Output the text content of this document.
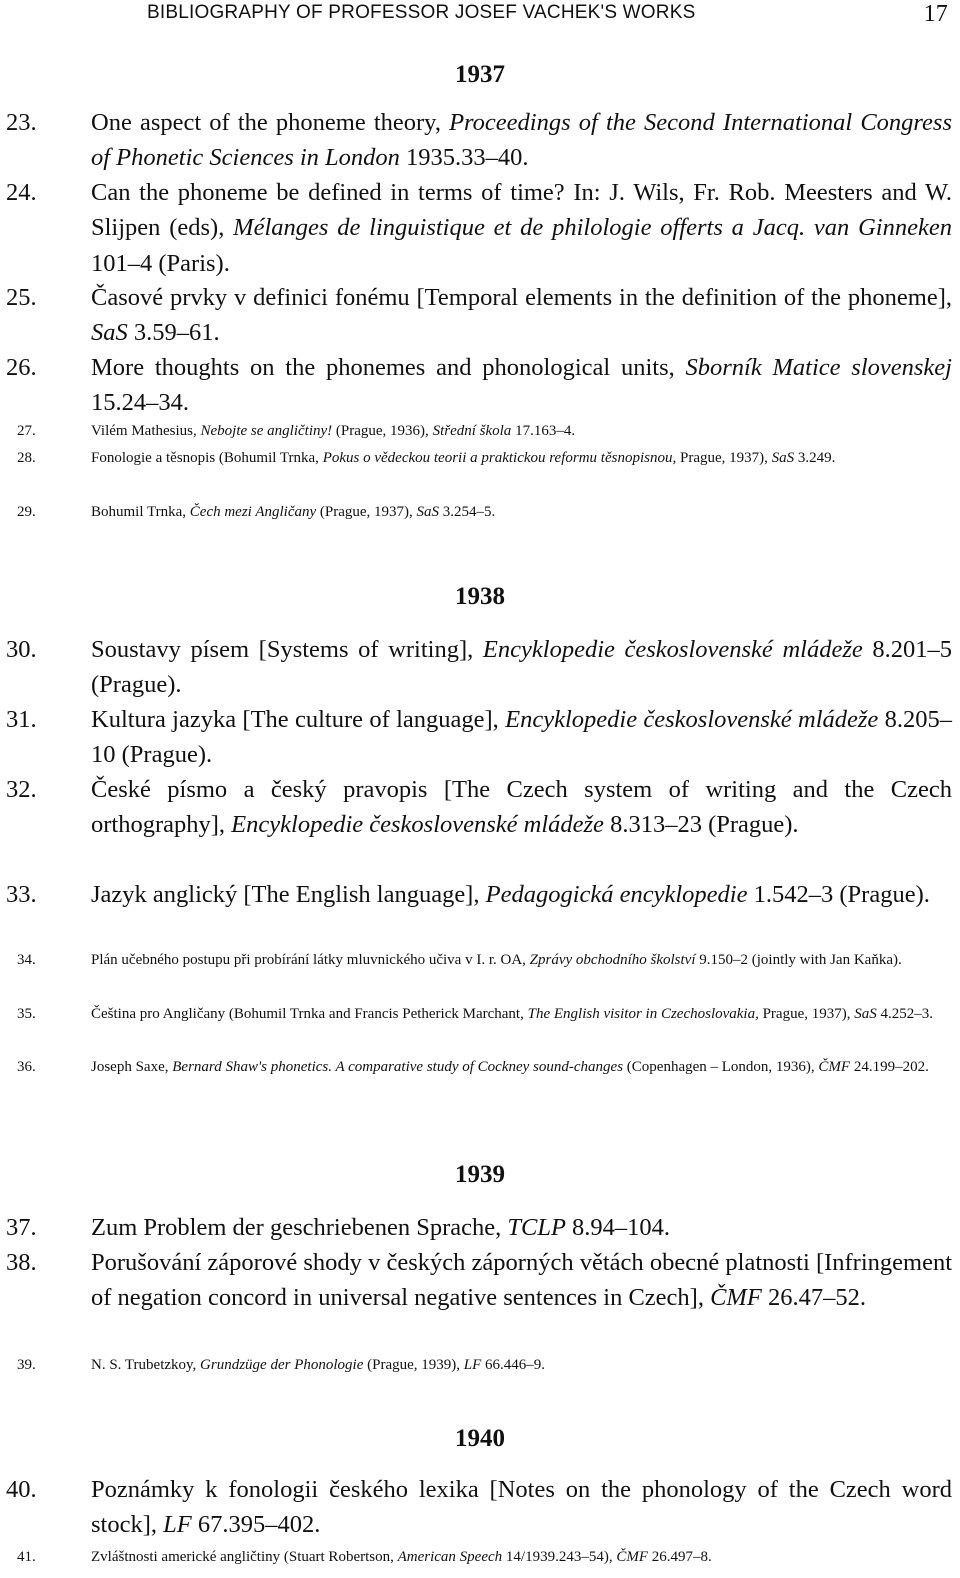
BIBLIOGRAPHY OF PROFESSOR JOSEF VACHEK'S WORKS	17
1937
23. One aspect of the phoneme theory, Proceedings of the Second International Congress of Phonetic Sciences in London 1935.33–40.
24. Can the phoneme be defined in terms of time? In: J. Wils, Fr. Rob. Meesters and W. Slijpen (eds), Mélanges de linguistique et de philologie offerts a Jacq. van Ginneken 101–4 (Paris).
25. Časové prvky v definici fonému [Temporal elements in the definition of the phoneme], SaS 3.59–61.
26. More thoughts on the phonemes and phonological units, Sborník Matice slovenskej 15.24–34.
27.	Vilém Mathesius, Nebojte se angličtiny! (Prague, 1936), Střední škola 17.163–4.
28.	Fonologie a těsnopis (Bohumil Trnka, Pokus o vědeckou teorii a praktickou reformu těsnopisnou, Prague, 1937), SaS 3.249.
29.	Bohumil Trnka, Čech mezi Angličany (Prague, 1937), SaS 3.254–5.
1938
30. Soustavy písem [Systems of writing], Encyklopedie československé mládeže 8.201–5 (Prague).
31. Kultura jazyka [The culture of language], Encyklopedie československé mládeže 8.205–10 (Prague).
32. České písmo a český pravopis [The Czech system of writing and the Czech orthography], Encyklopedie československé mládeže 8.313–23 (Prague).
33. Jazyk anglický [The English language], Pedagogická encyklopedie 1.542–3 (Prague).
34.	Plán učebného postupu při probírání látky mluvnického učiva v I. r. OA, Zprávy obchodního školství 9.150–2 (jointly with Jan Kaňka).
35.	Čeština pro Angličany (Bohumil Trnka and Francis Petherick Marchant, The English visitor in Czechoslovakia, Prague, 1937), SaS 4.252–3.
36.	Joseph Saxe, Bernard Shaw's phonetics. A comparative study of Cockney sound-changes (Copenhagen – London, 1936), ČMF 24.199–202.
1939
37. Zum Problem der geschriebenen Sprache, TCLP 8.94–104.
38. Porušování záporové shody v českých záporných větách obecné platnosti [Infringement of negation concord in universal negative sentences in Czech], ČMF 26.47–52.
39.	N. S. Trubetzkoy, Grundzüge der Phonologie (Prague, 1939), LF 66.446–9.
1940
40. Poznámky k fonologii českého lexika [Notes on the phonology of the Czech word stock], LF 67.395–402.
41.	Zvláštnosti americké angličtiny (Stuart Robertson, American Speech 14/1939.243–54), ČMF 26.497–8.
